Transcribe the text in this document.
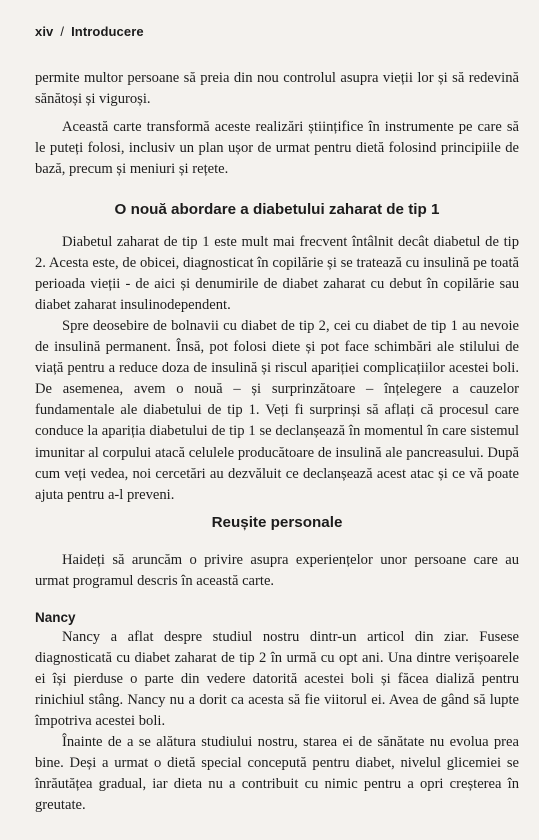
xiv / Introducere

permite multor persoane să preia din nou controlul asupra vieții lor și să redevină sănătoși și viguroși.

Această carte transformă aceste realizări științifice în instrumente pe care să le puteți folosi, inclusiv un plan ușor de urmat pentru dietă folosind principiile de bază, precum și meniuri și rețete.

O nouă abordare a diabetului zaharat de tip 1

Diabetul zaharat de tip 1 este mult mai frecvent întâlnit decât diabetul de tip 2. Acesta este, de obicei, diagnosticat în copilărie și se tratează cu insulină pe toată perioada vieții - de aici și denumirile de diabet zaharat cu debut în copilărie sau diabet zaharat insulinodependent.

Spre deosebire de bolnavii cu diabet de tip 2, cei cu diabet de tip 1 au nevoie de insulină permanent. Însă, pot folosi diete și pot face schimbări ale stilului de viață pentru a reduce doza de insulină și riscul apariției complicațiilor acestei boli. De asemenea, avem o nouă – și surprinzătoare – înțelegere a cauzelor fundamentale ale diabetului de tip 1. Veți fi surprinși să aflați că procesul care conduce la apariția diabetului de tip 1 se declanșează în momentul în care sistemul imunitar al corpului atacă celulele producătoare de insulină ale pancreasului. După cum veți vedea, noi cercetări au dezvăluit ce declanșează acest atac și ce vă poate ajuta pentru a-l preveni.

Reușite personale

Haideți să aruncăm o privire asupra experiențelor unor persoane care au urmat programul descris în această carte.

Nancy

Nancy a aflat despre studiul nostru dintr-un articol din ziar. Fusese diagnosticată cu diabet zaharat de tip 2 în urmă cu opt ani. Una dintre verișoarele ei își pierduse o parte din vedere datorită acestei boli și făcea dializă pentru rinichiul stâng. Nancy nu a dorit ca acesta să fie viitorul ei. Avea de gând să lupte împotriva acestei boli.

Înainte de a se alătura studiului nostru, starea ei de sănătate nu evolua prea bine. Deși a urmat o dietă special concepută pentru diabet, nivelul glicemiei se înrăutățea gradual, iar dieta nu a contribuit cu nimic pentru a opri creșterea în greutate.
